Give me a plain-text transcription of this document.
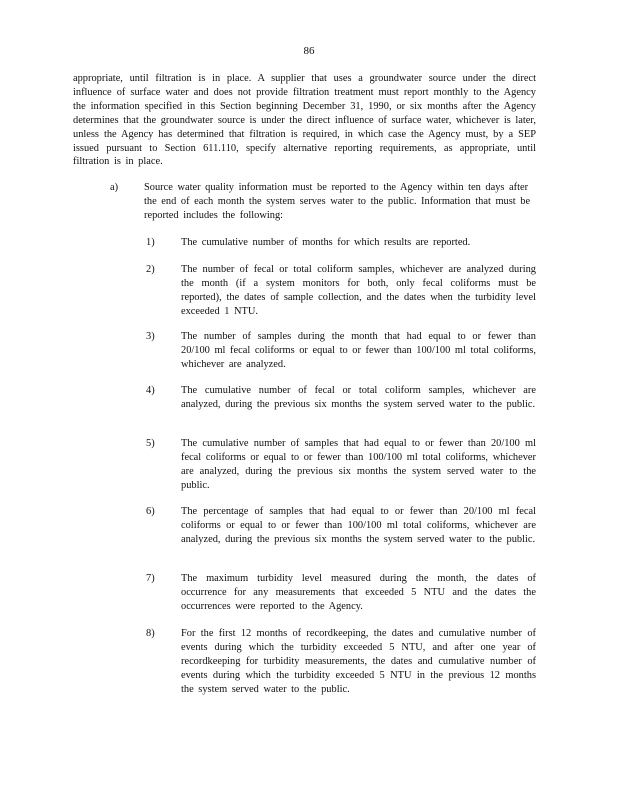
86

appropriate, until filtration is in place. A supplier that uses a groundwater source under the direct influence of surface water and does not provide filtration treatment must report monthly to the Agency the information specified in this Section beginning December 31, 1990, or six months after the Agency determines that the groundwater source is under the direct influence of surface water, whichever is later, unless the Agency has determined that filtration is required, in which case the Agency must, by a SEP issued pursuant to Section 611.110, specify alternative reporting requirements, as appropriate, until filtration is in place.

a) Source water quality information must be reported to the Agency within ten days after the end of each month the system serves water to the public. Information that must be reported includes the following:

1)	The cumulative number of months for which results are reported.

2)	The number of fecal or total coliform samples, whichever are analyzed during the month (if a system monitors for both, only fecal coliforms must be reported), the dates of sample collection, and the dates when the turbidity level exceeded 1 NTU.

3)	The number of samples during the month that had equal to or fewer than 20/100 ml fecal coliforms or equal to or fewer than 100/100 ml total coliforms, whichever are analyzed.

4)	The cumulative number of fecal or total coliform samples, whichever are analyzed, during the previous six months the system served water to the public.

5)	The cumulative number of samples that had equal to or fewer than 20/100 ml fecal coliforms or equal to or fewer than 100/100 ml total coliforms, whichever are analyzed, during the previous six months the system served water to the public.

6)	The percentage of samples that had equal to or fewer than 20/100 ml fecal coliforms or equal to or fewer than 100/100 ml total coliforms, whichever are analyzed, during the previous six months the system served water to the public.

7)	The maximum turbidity level measured during the month, the dates of occurrence for any measurements that exceeded 5 NTU and the dates the occurrences were reported to the Agency.

8)	For the first 12 months of recordkeeping, the dates and cumulative number of events during which the turbidity exceeded 5 NTU, and after one year of recordkeeping for turbidity measurements, the dates and cumulative number of events during which the turbidity exceeded 5 NTU in the previous 12 months the system served water to the public.
